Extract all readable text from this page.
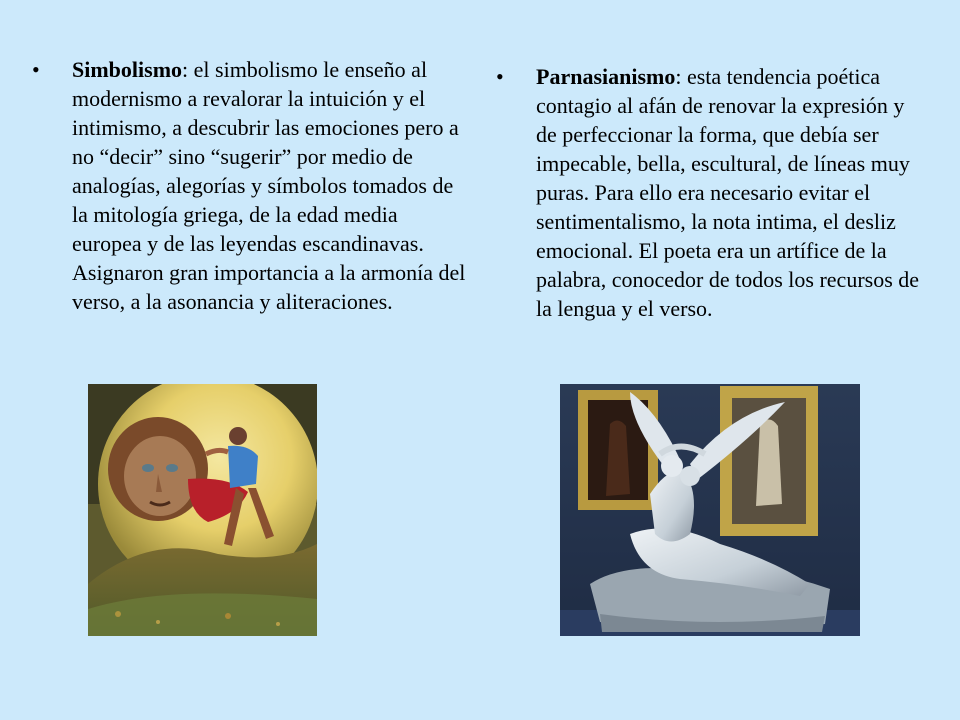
• Simbolismo: el simbolismo le enseño al modernismo a revalorar la intuición y el intimismo, a descubrir las emociones pero a no “decir” sino “sugerir” por medio de analogías, alegorías y símbolos tomados de la mitología griega, de la edad media europea y de las leyendas escandinavas. Asignaron gran importancia a la armonía del verso, a la asonancia y aliteraciones.
• Parnasianismo: esta tendencia poética contagio al afán de renovar la expresión y de perfeccionar la forma, que debía ser impecable, bella, escultural, de líneas muy puras. Para ello era necesario evitar el sentimentalismo, la nota intima, el desliz emocional. El poeta era un artífice de la palabra, conocedor de todos los recursos de la lengua y el verso.
